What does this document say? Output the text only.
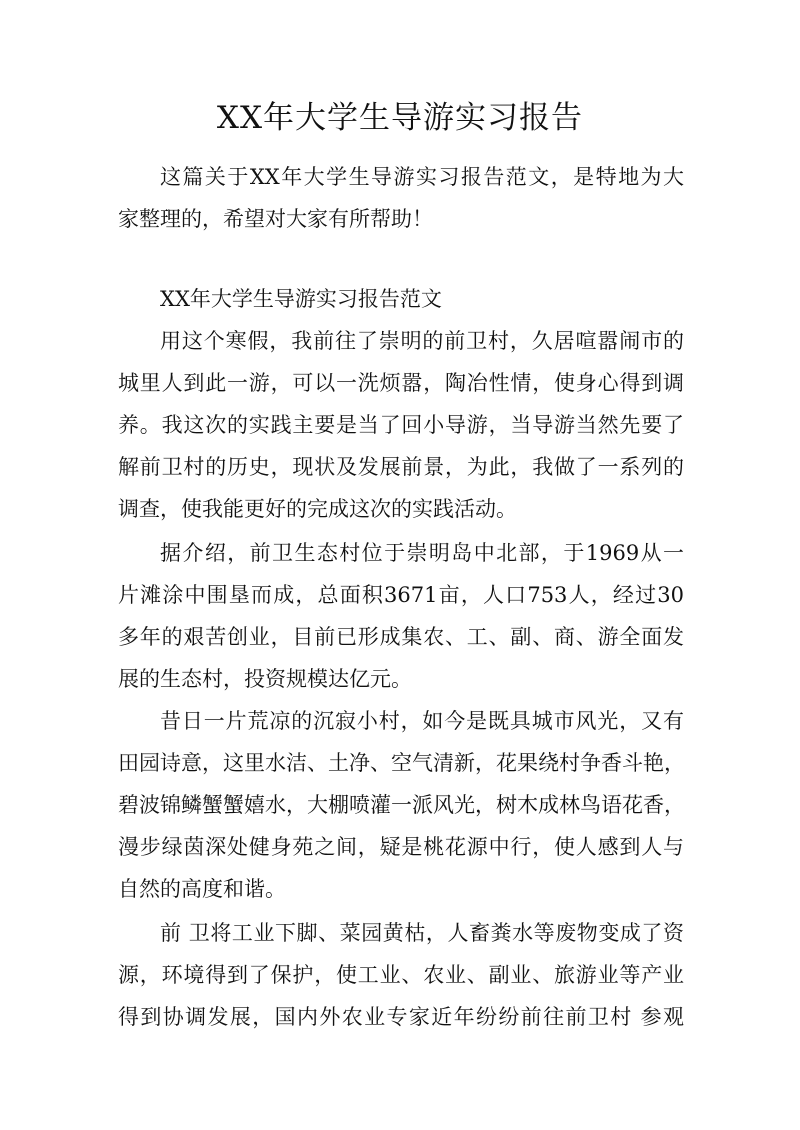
XX年大学生导游实习报告
这篇关于XX年大学生导游实习报告范文，是特地为大
家整理的，希望对大家有所帮助！
XX年大学生导游实习报告范文
用这个寒假，我前往了崇明的前卫村，久居喧嚣闹市的
城里人到此一游，可以一洗烦嚣，陶冶性情，使身心得到调
养。我这次的实践主要是当了回小导游，当导游当然先要了
解前卫村的历史，现状及发展前景，为此，我做了一系列的
调查，使我能更好的完成这次的实践活动。
据介绍，前卫生态村位于崇明岛中北部，于1969从一
片滩涂中围垦而成，总面积3671亩，人口753人，经过30
多年的艰苦创业，目前已形成集农、工、副、商、游全面发
展的生态村，投资规模达亿元。
昔日一片荒凉的沉寂小村，如今是既具城市风光，又有
田园诗意，这里水洁、土净、空气清新，花果绕村争香斗艳，
碧波锦鳞蟹蟹嬉水，大棚喷灌一派风光，树木成林鸟语花香，
漫步绿茵深处健身苑之间，疑是桃花源中行，使人感到人与
自然的高度和谐。
前 卫将工业下脚、菜园黄枯，人畜粪水等废物变成了资
源，环境得到了保护，使工业、农业、副业、旅游业等产业
得到协调发展，国内外农业专家近年纷纷前往前卫村 参观
